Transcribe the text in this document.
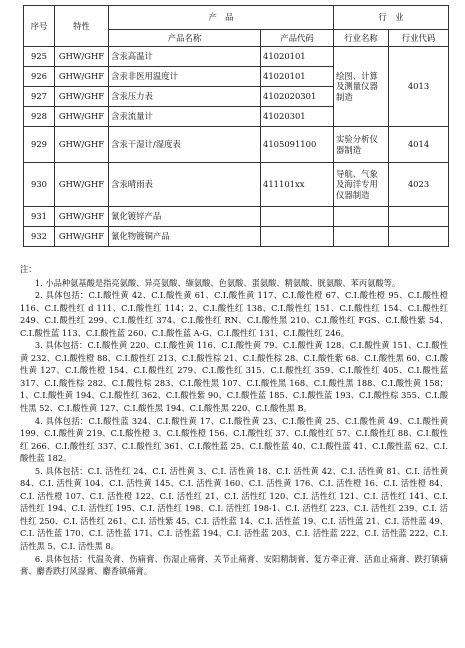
序号	特性	产　品		行　业	
		产品名称	产品代码	行业名称	行业代码
925	GHW/GHF	含汞高温计	41020101	绘图、计算及测量仪器制造	4013
926	GHW/GHF	含汞非医用温度计	41020101		
927	GHW/GHF	含汞压力表	4102020301		
928	GHW/GHF	含汞流量计	41020301		
929	GHW/GHF	含汞干湿计/湿度表	4105091100	实验分析仪器制造	4014
930	GHW/GHF	含汞晴雨表	411101xx	导航、气象及海洋专用仪器制造	4023
931	GHW/GHF	氰化镀锌产品			
932	GHW/GHF	氰化物镀铜产品			

注：

1. 小品种氨基酸是指亮氨酸、异亮氨酸、缬氨酸、色氨酸、蛋氨酸、精氨酸、胱氨酸、苯丙氨酸等。

2. 具体包括：C.I.酸性黄 42、C.I.酸性黄 61、C.I.酸性黄 117、C.I.酸性橙 67、C.I.酸性橙 95、C.I.酸性橙 116、C.I.酸性红 d 111、C.I.酸性红 114；2、C.I.酸性红 138、C.I.酸性红 151、C.I.酸性红 154、C.I.酸性红 249、C.I.酸性红 299、C.I.酸性红 374、C.I.酸性红 RN、C.I.酸性黑 210、C.I.酸性红 FGS、C.I.酸性紫 54、C.I.酸性蓝 113、C.I.酸性蓝 260、C.I.酸性蓝 A-G、C.I.酸性红 131、C.I.酸性红 246。

3. 具体包括：C.I.酸性黄 220、C.I.酸性黄 116、C.I.酸性黄 79、C.I.酸性黄 128、C.I.酸性黄 151、C.I.酸性黄 232、C.I.酸性橙 88、C.I.酸性红 213、C.I.酸性棕 21、C.I.酸性棕 28、C.I.酸性紫 68、C.I.酸性黑 60、C.I.酸性黄 127、C.I.酸性橙 154、C.I.酸性红 279、C.I.酸性红 315、C.I.酸性红 359、C.I.酸性红 405、C.I.酸性蓝 317、C.I.酸性棕 282、C.I.酸性棕 283、C.I.酸性黑 107、C.I.酸性黑 168、C.I.酸性黑 188、C.I.酸性黄 158；1、C.I.酸性黄 194、C.I.酸性红 362、C.I.酸性紫 90、C.I.酸性蓝 185、C.I.酸性蓝 193、C.I.酸性棕 355、C.I.酸性黑 52、C.I.酸性黄 127、C.I.酸性黑 194、C.I.酸性黑 220、C.I.酸性黑 B。

4. 具体包括：C.I.酸性蓝 324、C.I.酸性黄 17、C.I.酸性黄 23、C.I.酸性黄 25、C.I.酸性黄 49、C.I.酸性黄 199、C.I.酸性黄 219、C.I.酸性橙 3、C.I.酸性橙 156、C.I.酸性红 37、C.I.酸性红 57、C.I.酸性红 88、C.I.酸性红 266、C.I.酸性红 337、C.I.酸性红 361、C.I.酸性蓝 25、C.I.酸性蓝 40、C.I.酸性蓝 41、C.I.酸性蓝 62、C.I.酸性蓝 182。

5. 具体包括：C.I. 活性红 24、C.I. 活性黄 3、C.I. 活性黄 18、C.I. 活性黄 42、C.I. 活性黄 81、C.I. 活性黄 84、C.I. 活性黄 104、C.I. 活性黄 145、C.I. 活性黄 160、C.I. 活性黄 176、C.I. 活性橙 16、C.I. 活性橙 84、C.I. 活性橙 107、C.I. 活性橙 122、C.I. 活性红 21、C.I. 活性红 120、C.I. 活性红 121、C.I. 活性红 141、C.I. 活性红 194、C.I. 活性红 195、C.I. 活性红 198、C.I. 活性红 198-1、C.I. 活性红 223、C.I. 活性红 239、C.I. 活性红 250、C.I. 活性红 261、C.I. 活性紫 45、C.I. 活性蓝 14、C.I. 活性蓝 19、C.I. 活性蓝 21、C.I. 活性蓝 49、C.I. 活性蓝 170、C.I. 活性蓝 171、C.I. 活性蓝 194、C.I. 活性蓝 203、C.I. 活性蓝 222、C.I. 活性蓝 222、C.I. 活性黑 5、C.I. 活性黑 8。

6. 具体包括：代温灸膏、伤痛膏、伤湿止痛膏、关节止痛膏、安阳精制膏、复方牵正膏、活血止痛膏、跌打镇痛膏、麝香跌打风湿膏、麝香镇痛膏。
